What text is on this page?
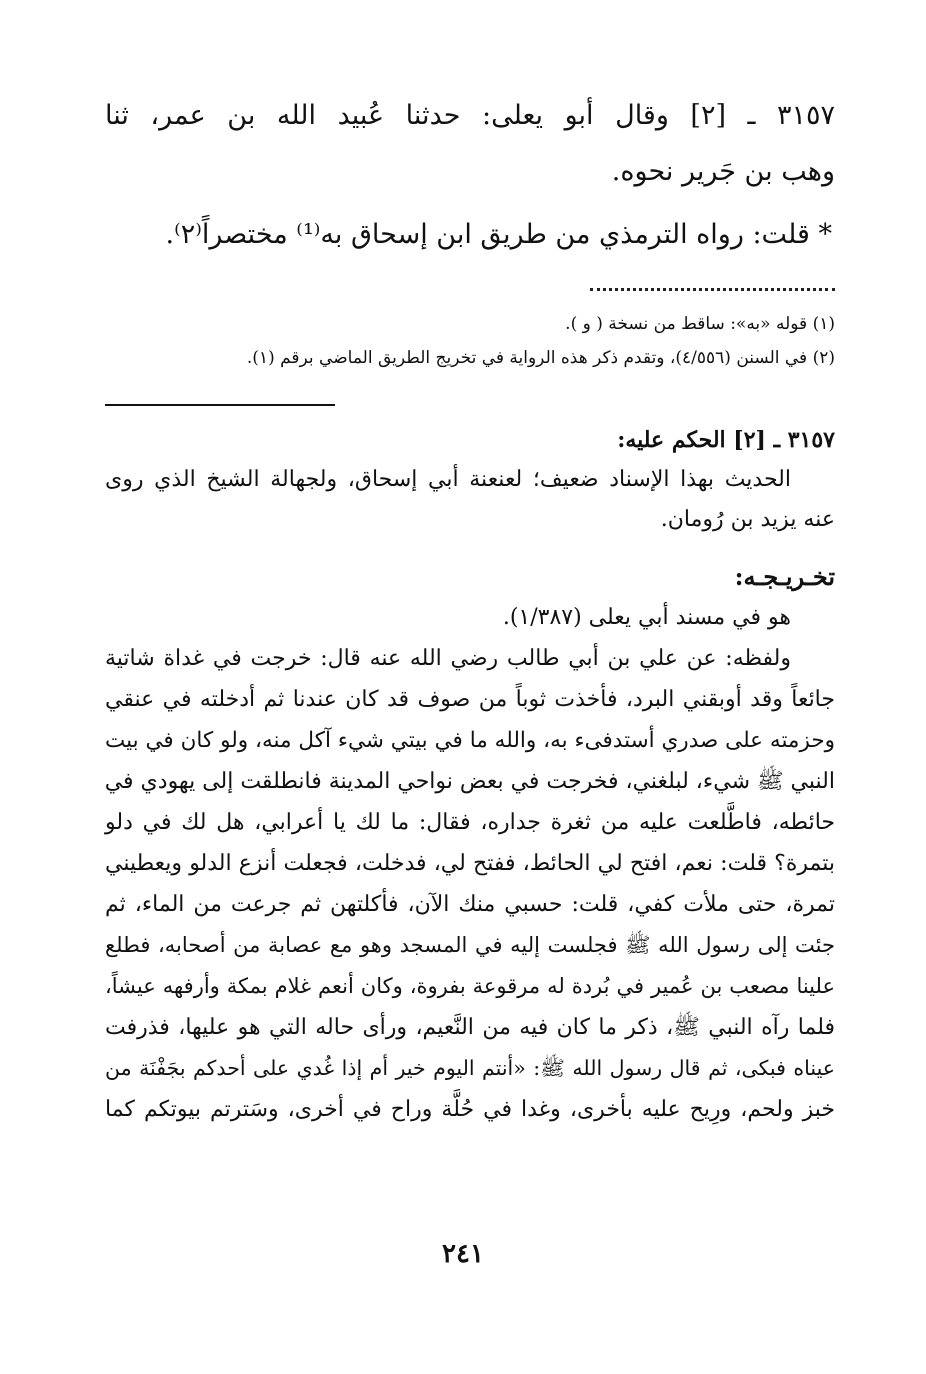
٣١٥٧ ـ [٢] وقال أبو يعلى: حدثنا عُبيد الله بن عمر، ثنا
وهب بن جَرير نحوه.
* قلت: رواه الترمذي من طريق ابن إسحاق به⁽¹⁾ مختصراً⁽٢⁾.
(١) قوله «به»: ساقط من نسخة ( و ).
(٢) في السنن (٤/٥٥٦)، وتقدم ذكر هذه الرواية في تخريج الطريق الماضي برقم (١).
٣١٥٧ ـ [٢] الحكم عليه:
الحديث بهذا الإسناد ضعيف؛ لعنعنة أبي إسحاق، ولجهالة الشيخ الذي روى
عنه يزيد بن رُومان.
تخـريـجـه:
هو في مسند أبي يعلى (١/٣٨٧).
ولفظه: عن علي بن أبي طالب رضي الله عنه قال: خرجت في غداة شاتية
جائعاً وقد أوبقني البرد، فأخذت ثوباً من صوف قد كان عندنا ثم أدخلته في عنقي
وحزمته على صدري أستدفىء به، والله ما في بيتي شيء آكل منه، ولو كان في بيت
النبي ﷺ شيء، لبلغني، فخرجت في بعض نواحي المدينة فانطلقت إلى يهودي في
حائطه، فاطَّلعت عليه من ثغرة جداره، فقال: ما لك يا أعرابي، هل لك في دلو
بتمرة؟ قلت: نعم، افتح لي الحائط، ففتح لي، فدخلت، فجعلت أنزع الدلو ويعطيني
تمرة، حتى ملأت كفي، قلت: حسبي منك الآن، فأكلتهن ثم جرعت من الماء، ثم
جئت إلى رسول الله ﷺ فجلست إليه في المسجد وهو مع عصابة من أصحابه، فطلع
علينا مصعب بن عُمير في بُردة له مرقوعة بفروة، وكان أنعم غلام بمكة وأرفهه عيشاً،
فلما رآه النبي ﷺ، ذكر ما كان فيه من النَّعيم، ورأى حاله التي هو عليها، فذرفت
عيناه فبكى، ثم قال رسول الله ﷺ: «أنتم اليوم خير أم إذا غُدي على أحدكم بجَفْنَة من
خبز ولحم، ورِيح عليه بأخرى، وغدا في حُلَّة وراح في أخرى، وسَترتم بيوتكم كما
٢٤١
